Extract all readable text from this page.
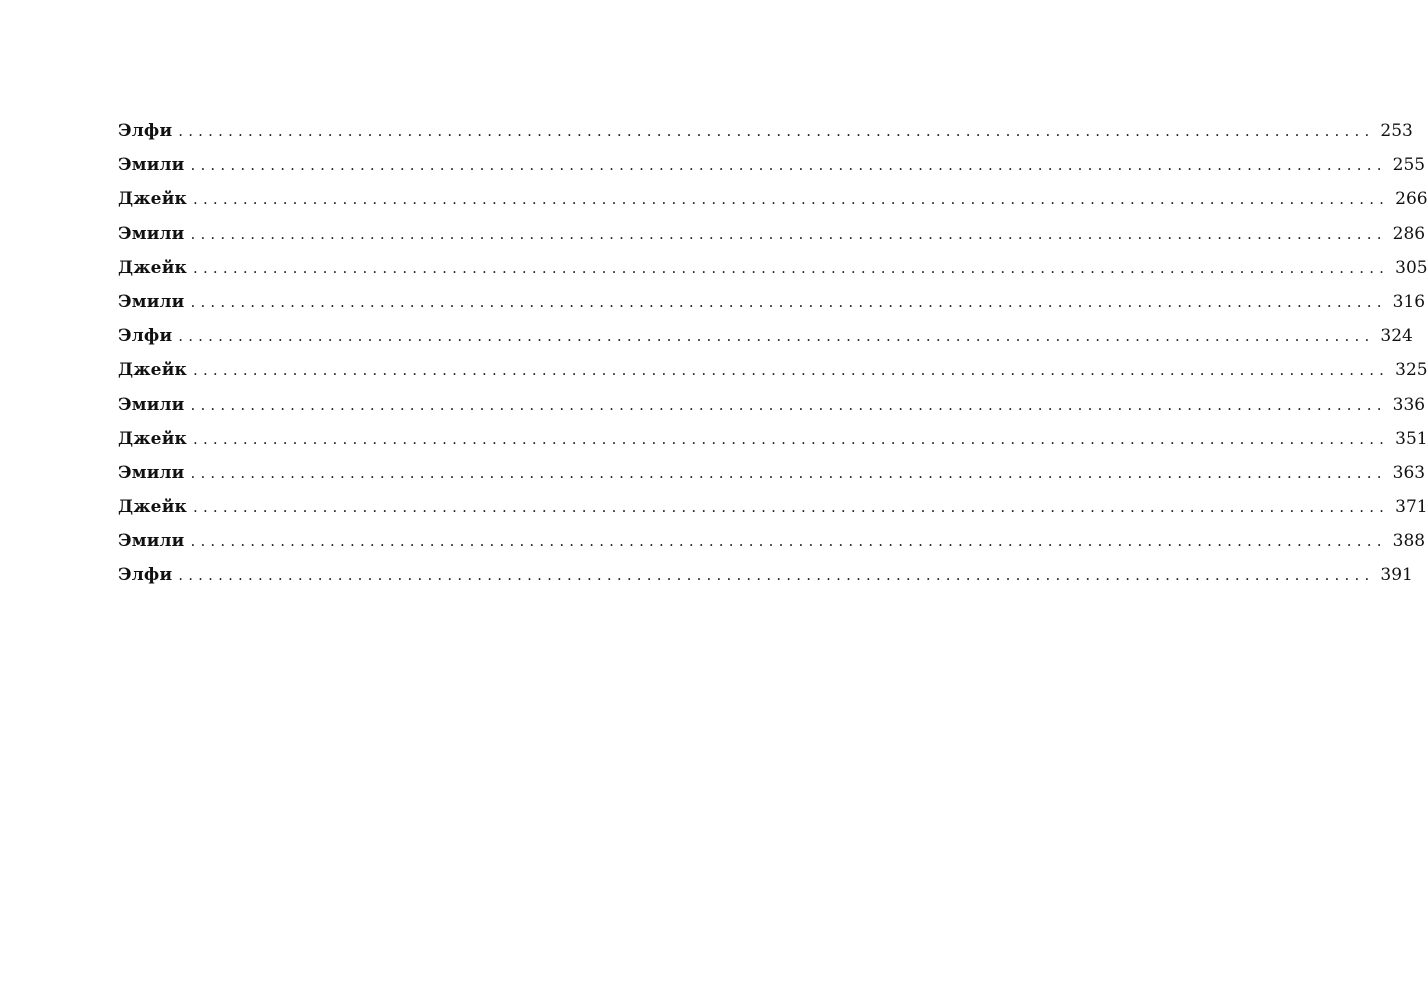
Элфи ........................................................................................................................ 253
Эмили ........................................................................................................................ 255
Джейк ........................................................................................................................ 266
Эмили ........................................................................................................................ 286
Джейк ........................................................................................................................ 305
Эмили ........................................................................................................................ 316
Элфи ........................................................................................................................ 324
Джейк ........................................................................................................................ 325
Эмили ........................................................................................................................ 336
Джейк ........................................................................................................................ 351
Эмили ........................................................................................................................ 363
Джейк ........................................................................................................................ 371
Эмили ........................................................................................................................ 388
Элфи ........................................................................................................................ 391
